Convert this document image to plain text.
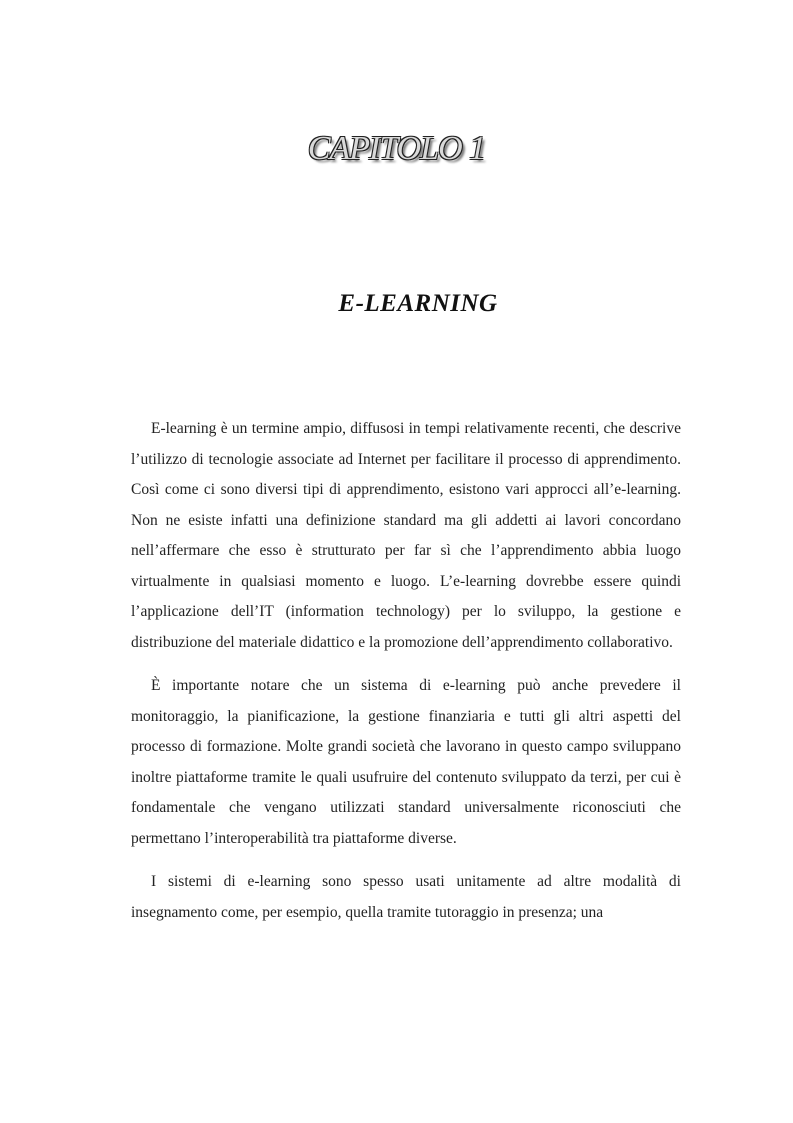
CAPITOLO 1
E-LEARNING

E-learning è un termine ampio, diffusosi in tempi relativamente recenti, che descrive l’utilizzo di tecnologie associate ad Internet per facilitare il processo di apprendimento. Così come ci sono diversi tipi di apprendimento, esistono vari approcci all’e-learning. Non ne esiste infatti una definizione standard ma gli addetti ai lavori concordano nell’affermare che esso è strutturato per far sì che l’apprendimento abbia luogo virtualmente in qualsiasi momento e luogo. L’e-learning dovrebbe essere quindi l’applicazione dell’IT (information technology) per lo sviluppo, la gestione e distribuzione del materiale didattico e la promozione dell’apprendimento collaborativo.

È importante notare che un sistema di e-learning può anche prevedere il monitoraggio, la pianificazione, la gestione finanziaria e tutti gli altri aspetti del processo di formazione. Molte grandi società che lavorano in questo campo sviluppano inoltre piattaforme tramite le quali usufruire del contenuto sviluppato da terzi, per cui è fondamentale che vengano utilizzati standard universalmente riconosciuti che permettano l’interoperabilità tra piattaforme diverse.

I sistemi di e-learning sono spesso usati unitamente ad altre modalità di insegnamento come, per esempio, quella tramite tutoraggio in presenza; una
